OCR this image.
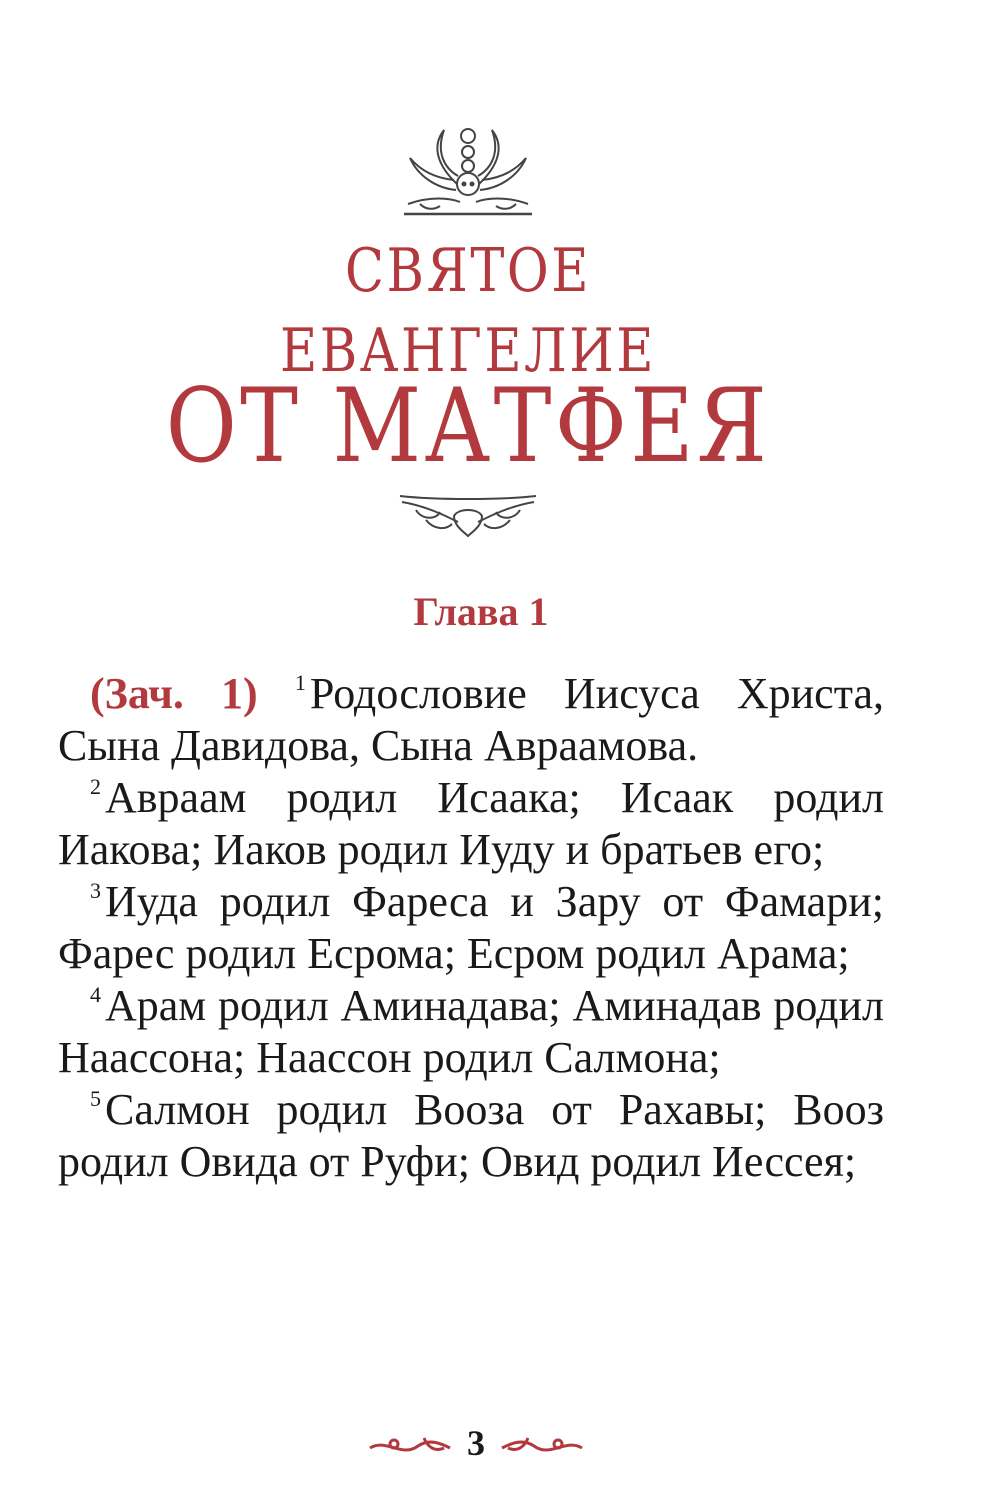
СВЯТОЕ
ЕВАНГЕЛИЕ
ОТ МАТФЕЯ
Глава 1

(Зач. 1) $^1$Родословие Иисуса Христа, Сына Давидова, Сына Авраамова.

$^2$Авраам родил Исаака; Исаак родил Иакова; Иаков родил Иуду и братьев его;

$^3$Иуда родил Фареса и Зару от Фамари; Фарес родил Есрома; Есром родил Арама;

$^4$Арам родил Аминадава; Аминадав родил Наассона; Наассон родил Салмона;

$^5$Салмон родил Вооза от Рахавы; Вооз родил Овида от Руфи; Овид родил Иессея;

3
